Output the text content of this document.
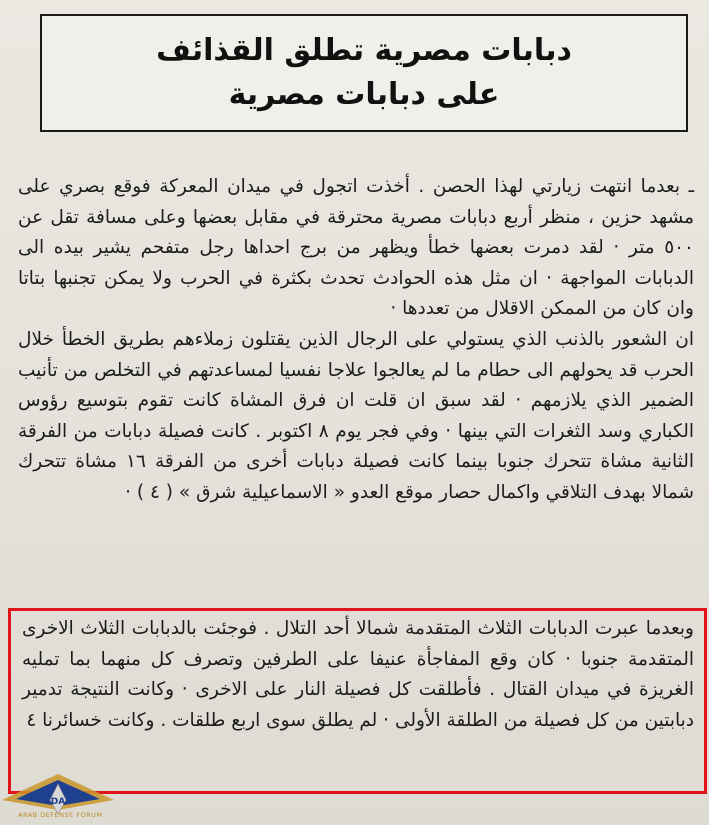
دبابات مصرية تطلق القذائف
على دبابات مصرية

ـ بعدما انتهت زيارتي لهذا الحصن . أخذت اتجول في ميدان المعركة فوقع بصري على مشهد حزين ، منظر أربع دبابات مصرية محترقة في مقابل بعضها وعلى مسافة تقل عن ٥٠٠ متر · لقد دمرت بعضها خطأ ويظهر من برج احداها رجل متفحم يشير بيده الى الدبابات المواجهة · ان مثل هذه الحوادث تحدث بكثرة في الحرب ولا يمكن تجنبها بتاتا وان كان من الممكن الاقلال من تعددها ·

ان الشعور بالذنب الذي يستولي على الرجال الذين يقتلون زملاءهم بطريق الخطأ خلال الحرب قد يحولهم الى حطام ما لم يعالجوا علاجا نفسيا لمساعدتهم في التخلص من تأنيب الضمير الذي يلازمهم · لقد سبق ان قلت ان فرق المشاة كانت تقوم بتوسيع رؤوس الكباري وسد الثغرات التي بينها · وفي فجر يوم ٨ اكتوبر . كانت فصيلة دبابات من الفرقة الثانية مشاة تتحرك جنوبا بينما كانت فصيلة دبابات أخرى من الفرقة ١٦ مشاة تتحرك شمالا بهدف التلاقي واكمال حصار موقع العدو « الاسماعيلية شرق » ( ٤ ) ·

وبعدما عبرت الدبابات الثلاث المتقدمة شمالا أحد التلال . فوجئت بالدبابات الثلاث الاخرى المتقدمة جنوبا · كان وقع المفاجأة عنيفا على الطرفين وتصرف كل منهما بما تمليه الغريزة في ميدان القتال . فأطلقت كل فصيلة النار على الاخرى · وكانت النتيجة تدمير دبابتين من كل فصيلة من الطلقة الأولى · لم يطلق سوى اربع طلقات . وكانت خسائرنا ٤

DA
ARAB DEFENSE FORUM
